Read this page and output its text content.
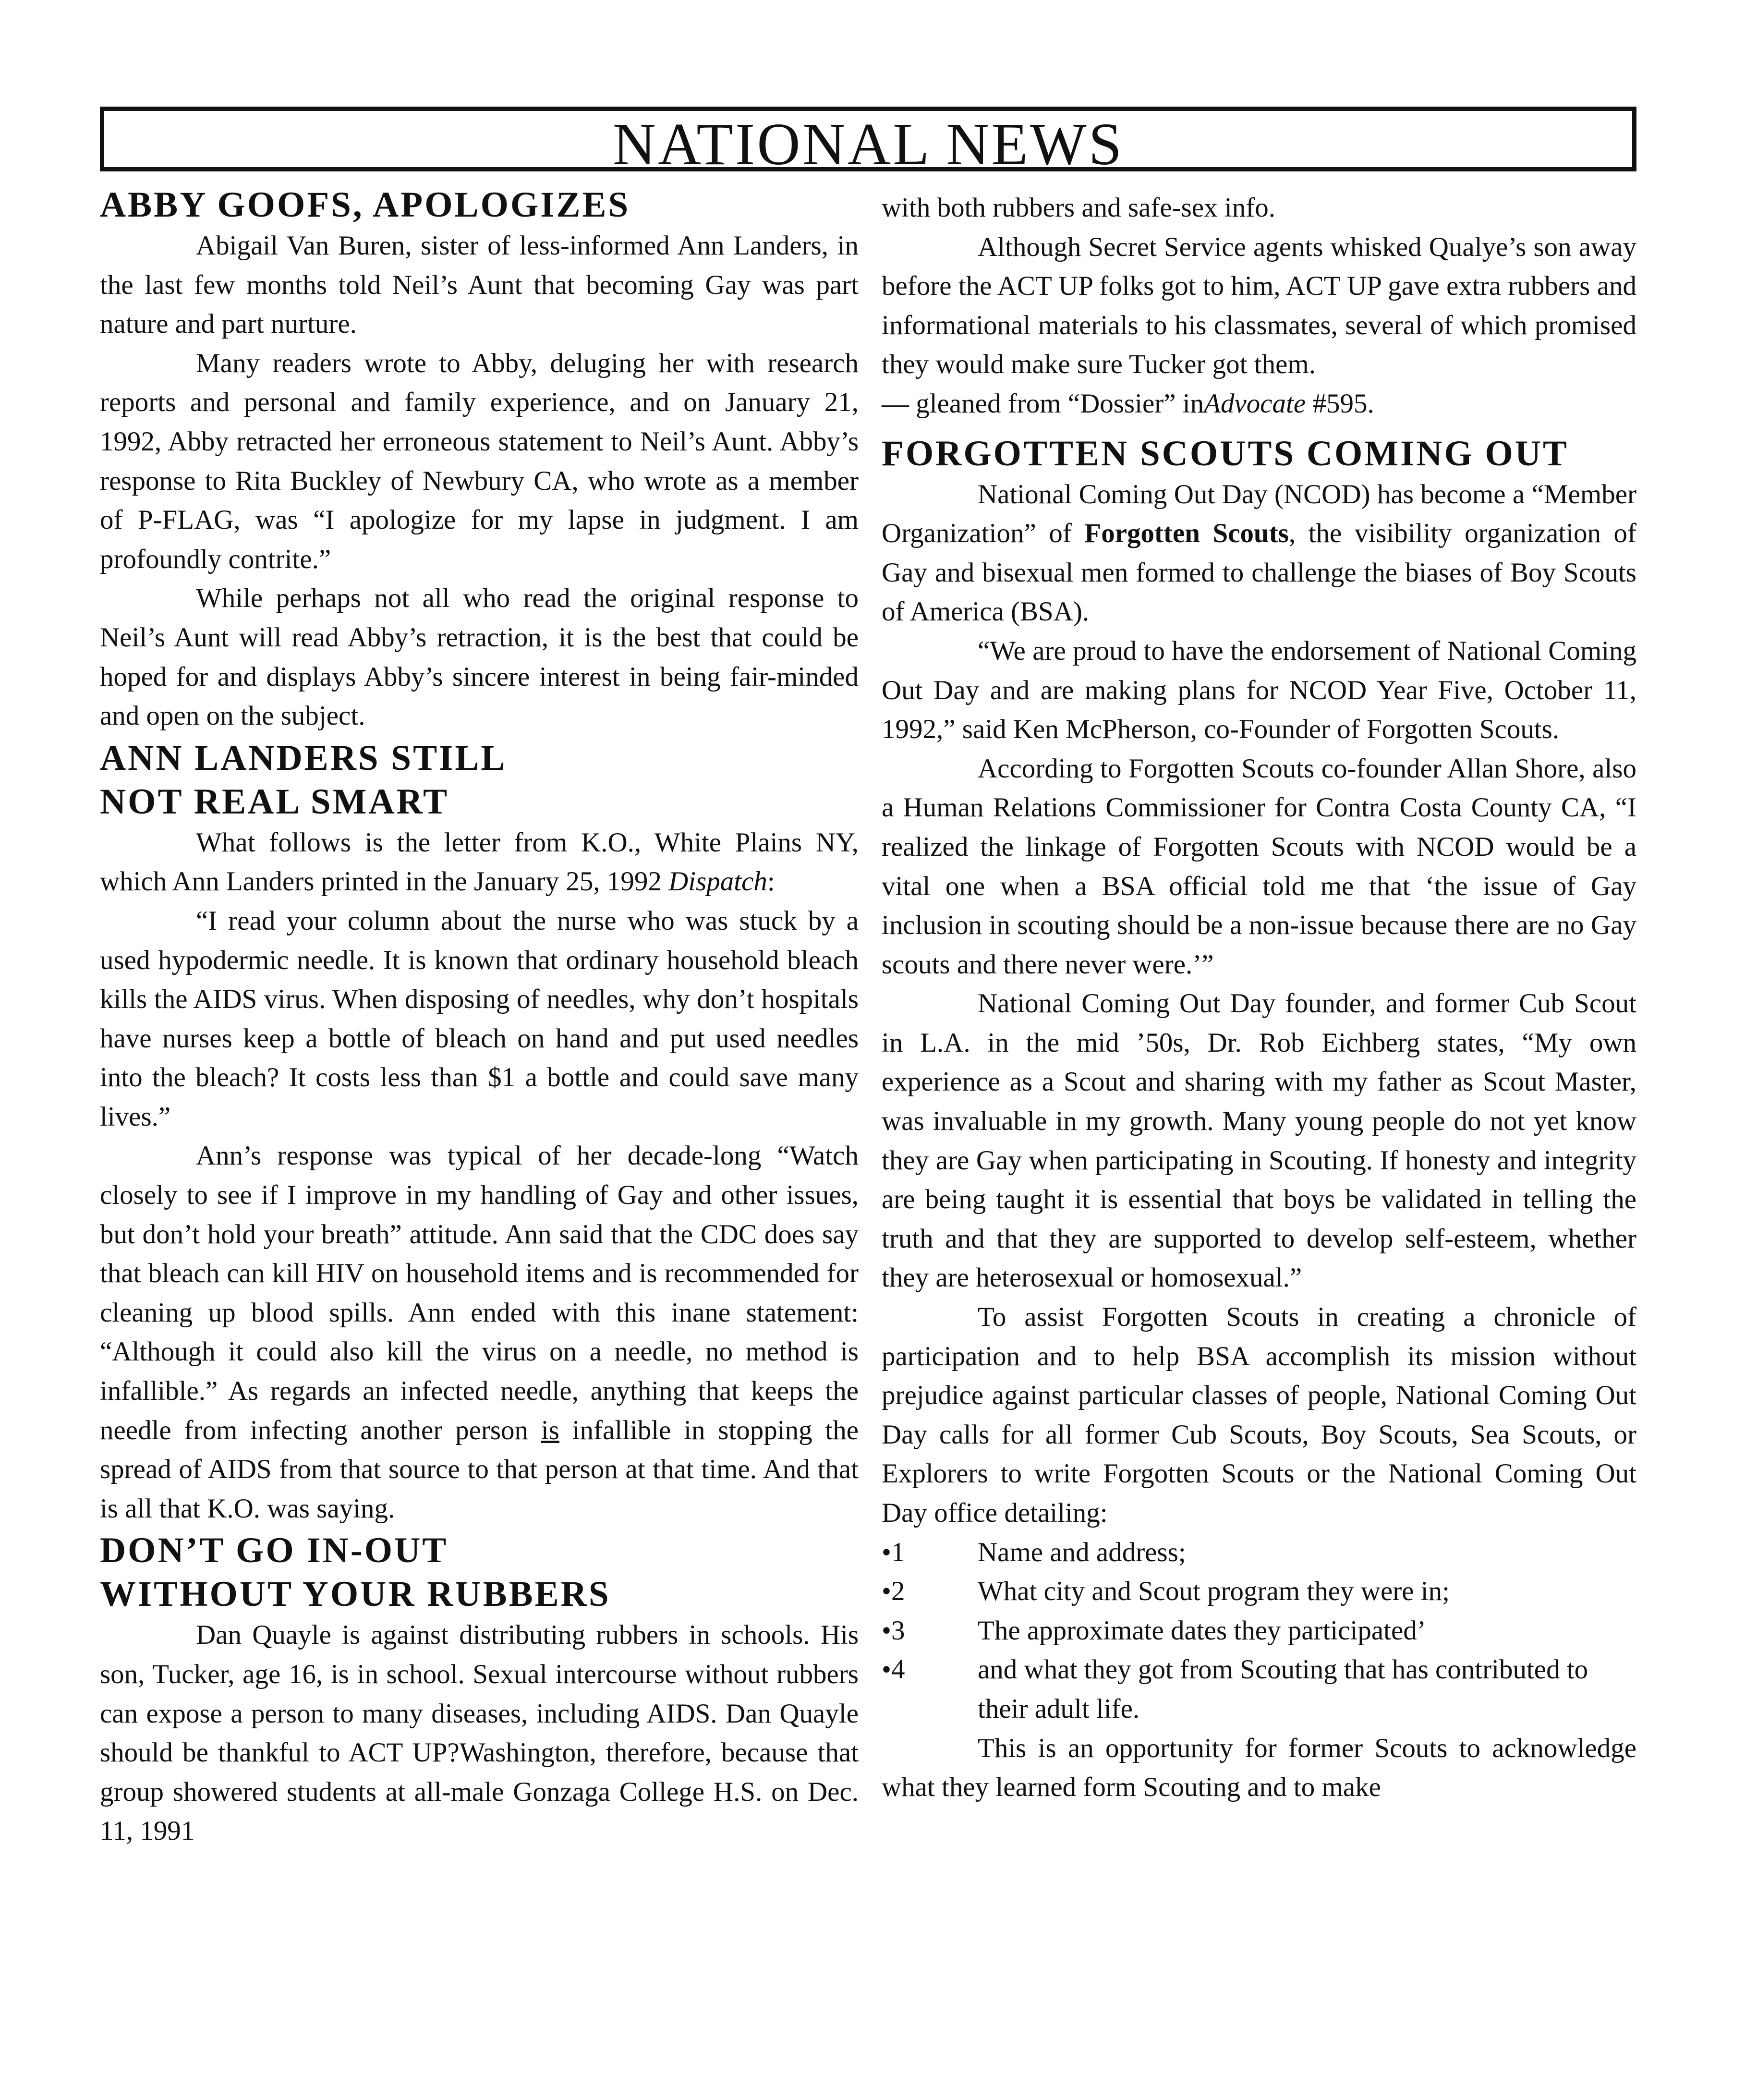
NATIONAL NEWS
ABBY GOOFS, APOLOGIZES

Abigail Van Buren, sister of less-informed Ann Landers, in the last few months told Neil’s Aunt that becoming Gay was part nature and part nurture.

Many readers wrote to Abby, deluging her with research reports and personal and family experience, and on January 21, 1992, Abby retracted her erroneous statement to Neil’s Aunt. Abby’s response to Rita Buckley of Newbury CA, who wrote as a member of P-FLAG, was “I apologize for my lapse in judgment. I am profoundly contrite.”

While perhaps not all who read the original response to Neil’s Aunt will read Abby’s retraction, it is the best that could be hoped for and displays Abby’s sincere interest in being fair-minded and open on the subject.

ANN LANDERS STILL
NOT REAL SMART

What follows is the letter from K.O., White Plains NY, which Ann Landers printed in the January 25, 1992 Dispatch:

“I read your column about the nurse who was stuck by a used hypodermic needle. It is known that ordinary household bleach kills the AIDS virus. When disposing of needles, why don’t hospitals have nurses keep a bottle of bleach on hand and put used needles into the bleach? It costs less than $1 a bottle and could save many lives.”

Ann’s response was typical of her decade-long “Watch closely to see if I improve in my handling of Gay and other issues, but don’t hold your breath” attitude. Ann said that the CDC does say that bleach can kill HIV on household items and is recommended for cleaning up blood spills. Ann ended with this inane statement: “Although it could also kill the virus on a needle, no method is infallible.” As regards an infected needle, anything that keeps the needle from infecting another person is infallible in stopping the spread of AIDS from that source to that person at that time. And that is all that K.O. was saying.

DON’T GO IN-OUT
WITHOUT YOUR RUBBERS

Dan Quayle is against distributing rubbers in schools. His son, Tucker, age 16, is in school. Sexual intercourse without rubbers can expose a person to many diseases, including AIDS. Dan Quayle should be thankful to ACT UP?Washington, therefore, because that group showered students at all-male Gonzaga College H.S. on Dec. 11, 1991

with both rubbers and safe-sex info.

Although Secret Service agents whisked Qualye’s son away before the ACT UP folks got to him, ACT UP gave extra rubbers and informational materials to his classmates, several of which promised they would make sure Tucker got them.

— gleaned from “Dossier” inAdvocate #595.

FORGOTTEN SCOUTS COMING OUT

National Coming Out Day (NCOD) has become a “Member Organization” of Forgotten Scouts, the visibility organization of Gay and bisexual men formed to challenge the biases of Boy Scouts of America (BSA).

“We are proud to have the endorsement of National Coming Out Day and are making plans for NCOD Year Five, October 11, 1992,” said Ken McPherson, co-Founder of Forgotten Scouts.

According to Forgotten Scouts co-founder Allan Shore, also a Human Relations Commissioner for Contra Costa County CA, “I realized the linkage of Forgotten Scouts with NCOD would be a vital one when a BSA official told me that ‘the issue of Gay inclusion in scouting should be a non-issue because there are no Gay scouts and there never were.’”

National Coming Out Day founder, and former Cub Scout in L.A. in the mid ’50s, Dr. Rob Eichberg states, “My own experience as a Scout and sharing with my father as Scout Master, was invaluable in my growth. Many young people do not yet know they are Gay when participating in Scouting. If honesty and integrity are being taught it is essential that boys be validated in telling the truth and that they are supported to develop self-esteem, whether they are heterosexual or homosexual.”

To assist Forgotten Scouts in creating a chronicle of participation and to help BSA accomplish its mission without prejudice against particular classes of people, National Coming Out Day calls for all former Cub Scouts, Boy Scouts, Sea Scouts, or Explorers to write Forgotten Scouts or the National Coming Out Day office detailing:

•1	Name and address;
•2	What city and Scout program they were in;
•3	The approximate dates they participated’
•4	and what they got from Scouting that has contributed to their adult life.

This is an opportunity for former Scouts to acknowledge what they learned form Scouting and to make
